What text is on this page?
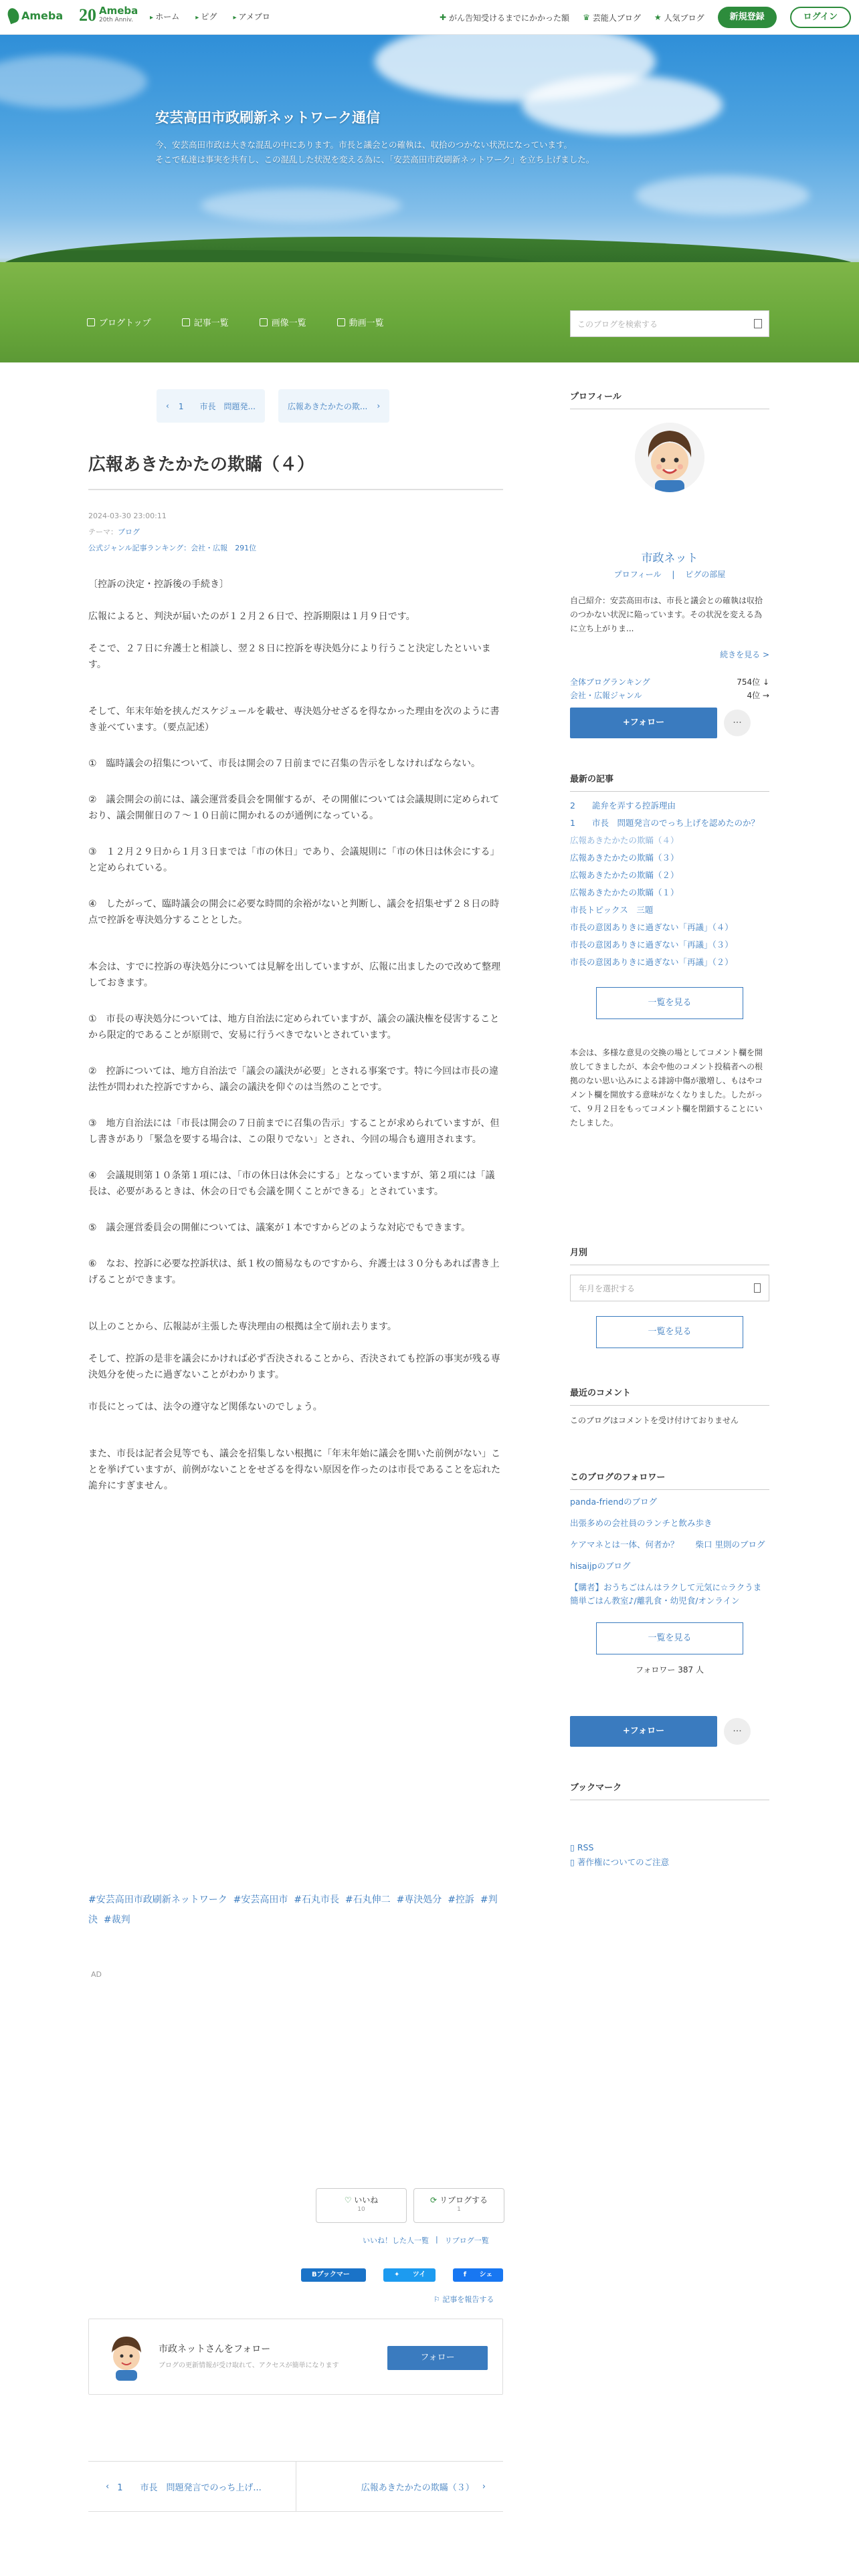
Ameba 20 Ameba
20th Anniv.	▸ ホーム	▸ ピグ	▸ アメブロ	✚ がん告知受けるまでにかかった額 ♛ 芸能人ブログ ★ 人気ブログ	新規登録	ログイン
安芸高田市政刷新ネットワーク通信
今、安芸高田市政は大きな混乱の中にあります。市長と議会との確執は、収拾のつかない状況になっています。
そこで私達は事実を共有し、この混乱した状況を変える為に、「安芸高田市政刷新ネットワーク」を立ち上げました。
ブログトップ	記事一覧	画像一覧	動画一覧	このブログを検索する
‹ 1　　市長　問題発...	広報あきたかたの欺... ›
広報あきたかたの欺瞞（４）
2024-03-30 23:00:11
テーマ：ブログ
公式ジャンル記事ランキング：会社・広報　 291位

〔控訴の決定・控訴後の手続き〕

広報によると、判決が届いたのが１２月２６日で、控訴期限は１月９日です。

そこで、２７日に弁護士と相談し、翌２８日に控訴を専決処分により行うこと決定したといいます。

そして、年末年始を挟んだスケジュールを載せ、専決処分せざるを得なかった理由を次のように書き並べています。（要点記述）

①　臨時議会の招集について、市長は開会の７日前までに召集の告示をしなければならない。

②　議会開会の前には、議会運営委員会を開催するが、その開催については会議規則に定められており、議会開催日の７〜１０日前に開かれるのが通例になっている。

③　１２月２９日から１月３日までは「市の休日」であり、会議規則に「市の休日は休会にする」と定められている。

④　したがって、臨時議会の開会に必要な時間的余裕がないと判断し、議会を招集せず２８日の時点で控訴を専決処分することとした。

本会は、すでに控訴の専決処分については見解を出していますが、広報に出ましたので改めて整理しておきます。

①　市長の専決処分については、地方自治法に定められていますが、議会の議決権を侵害することから限定的であることが原則で、安易に行うべきでないとされています。

②　控訴については、地方自治法で「議会の議決が必要」とされる事案です。特に今回は市長の違法性が問われた控訴ですから、議会の議決を仰ぐのは当然のことです。

③　地方自治法には「市長は開会の７日前までに召集の告示」することが求められていますが、但し書きがあり「緊急を要する場合は、この限りでない」とされ、今回の場合も適用されます。

④　会議規則第１０条第１項には、「市の休日は休会にする」となっていますが、第２項には「議長は、必要があるときは、休会の日でも会議を開くことができる」とされています。

⑤　議会運営委員会の開催については、議案が１本ですからどのような対応でもできます。

⑥　なお、控訴に必要な控訴状は、紙１枚の簡易なものですから、弁護士は３０分もあれば書き上げることができます。

以上のことから、広報誌が主張した専決理由の根拠は全て崩れ去ります。

そして、控訴の是非を議会にかければ必ず否決されることから、否決されても控訴の事実が残る専決処分を使ったに過ぎないことがわかります。

市長にとっては、法令の遵守など関係ないのでしょう。

また、市長は記者会見等でも、議会を招集しない根拠に「年末年始に議会を開いた前例がない」ことを挙げていますが、前例がないことをせざるを得ない原因を作ったのは市長であることを忘れた詭弁にすぎません。

#安芸高田市政刷新ネットワーク #安芸高田市 #石丸市長 #石丸伸二 #専決処分 #控訴 #判決 #裁判
AD
♡ いいね
10
⟳ リブログする
1
いいね！した人一覧 | リブログ一覧
Bブックマーク 0
✦ ツイート
f シェア 0
⚐ 記事を報告する
市政ネットさんをフォロー
ブログの更新情報が受け取れて、アクセスが簡単になります
フォロー
‹ 1　　市長　問題発言でのっち上げ...	広報あきたかたの欺瞞（３） ›
プロフィール
市政ネット
プロフィール 　|　 ピグの部屋
自己紹介：安芸高田市は、市長と議会との確執は収拾のつかない状況に陥っています。その状況を変える為に立ち上がりま...
続きを見る >
全体ブログランキング	754位 ↓
会社・広報ジャンル	4位 →
+フォロー	···
最新の記事
2　　詭弁を弄する控訴理由
1　　市長　問題発言のでっち上げを認めたのか？
広報あきたかたの欺瞞（４）
広報あきたかたの欺瞞（３）
広報あきたかたの欺瞞（２）
広報あきたかたの欺瞞（１）
市長トピックス　三題
市長の意図ありきに過ぎない「再議」（４）
市長の意図ありきに過ぎない「再議」（３）
市長の意図ありきに過ぎない「再議」（２）
一覧を見る
本会は、多様な意見の交換の場としてコメント欄を開放してきましたが、本会や他のコメント投稿者への根拠のない思い込みによる誹謗中傷が激増し、もはやコメント欄を開放する意味がなくなりました。したがって、９月２日をもってコメント欄を閉鎖することにいたしました。
月別
年月を選択する
一覧を見る
最近のコメント
このブログはコメントを受け付けておりません
このブログのフォロワー
panda-friendのブログ
出張多めの会社員のランチと飲み歩き
ケアマネとは一体、何者か？　　柴口 里則のブログ
hisaijpのブログ
【購者】おうちごはんはラクして元気に☆ラクうま簡単ごはん教室♪/離乳食・幼児食/オンライン
一覧を見る
フォロワー 387 人
+フォロー	···
ブックマーク
▯ RSS
▯ 著作権についてのご注意
